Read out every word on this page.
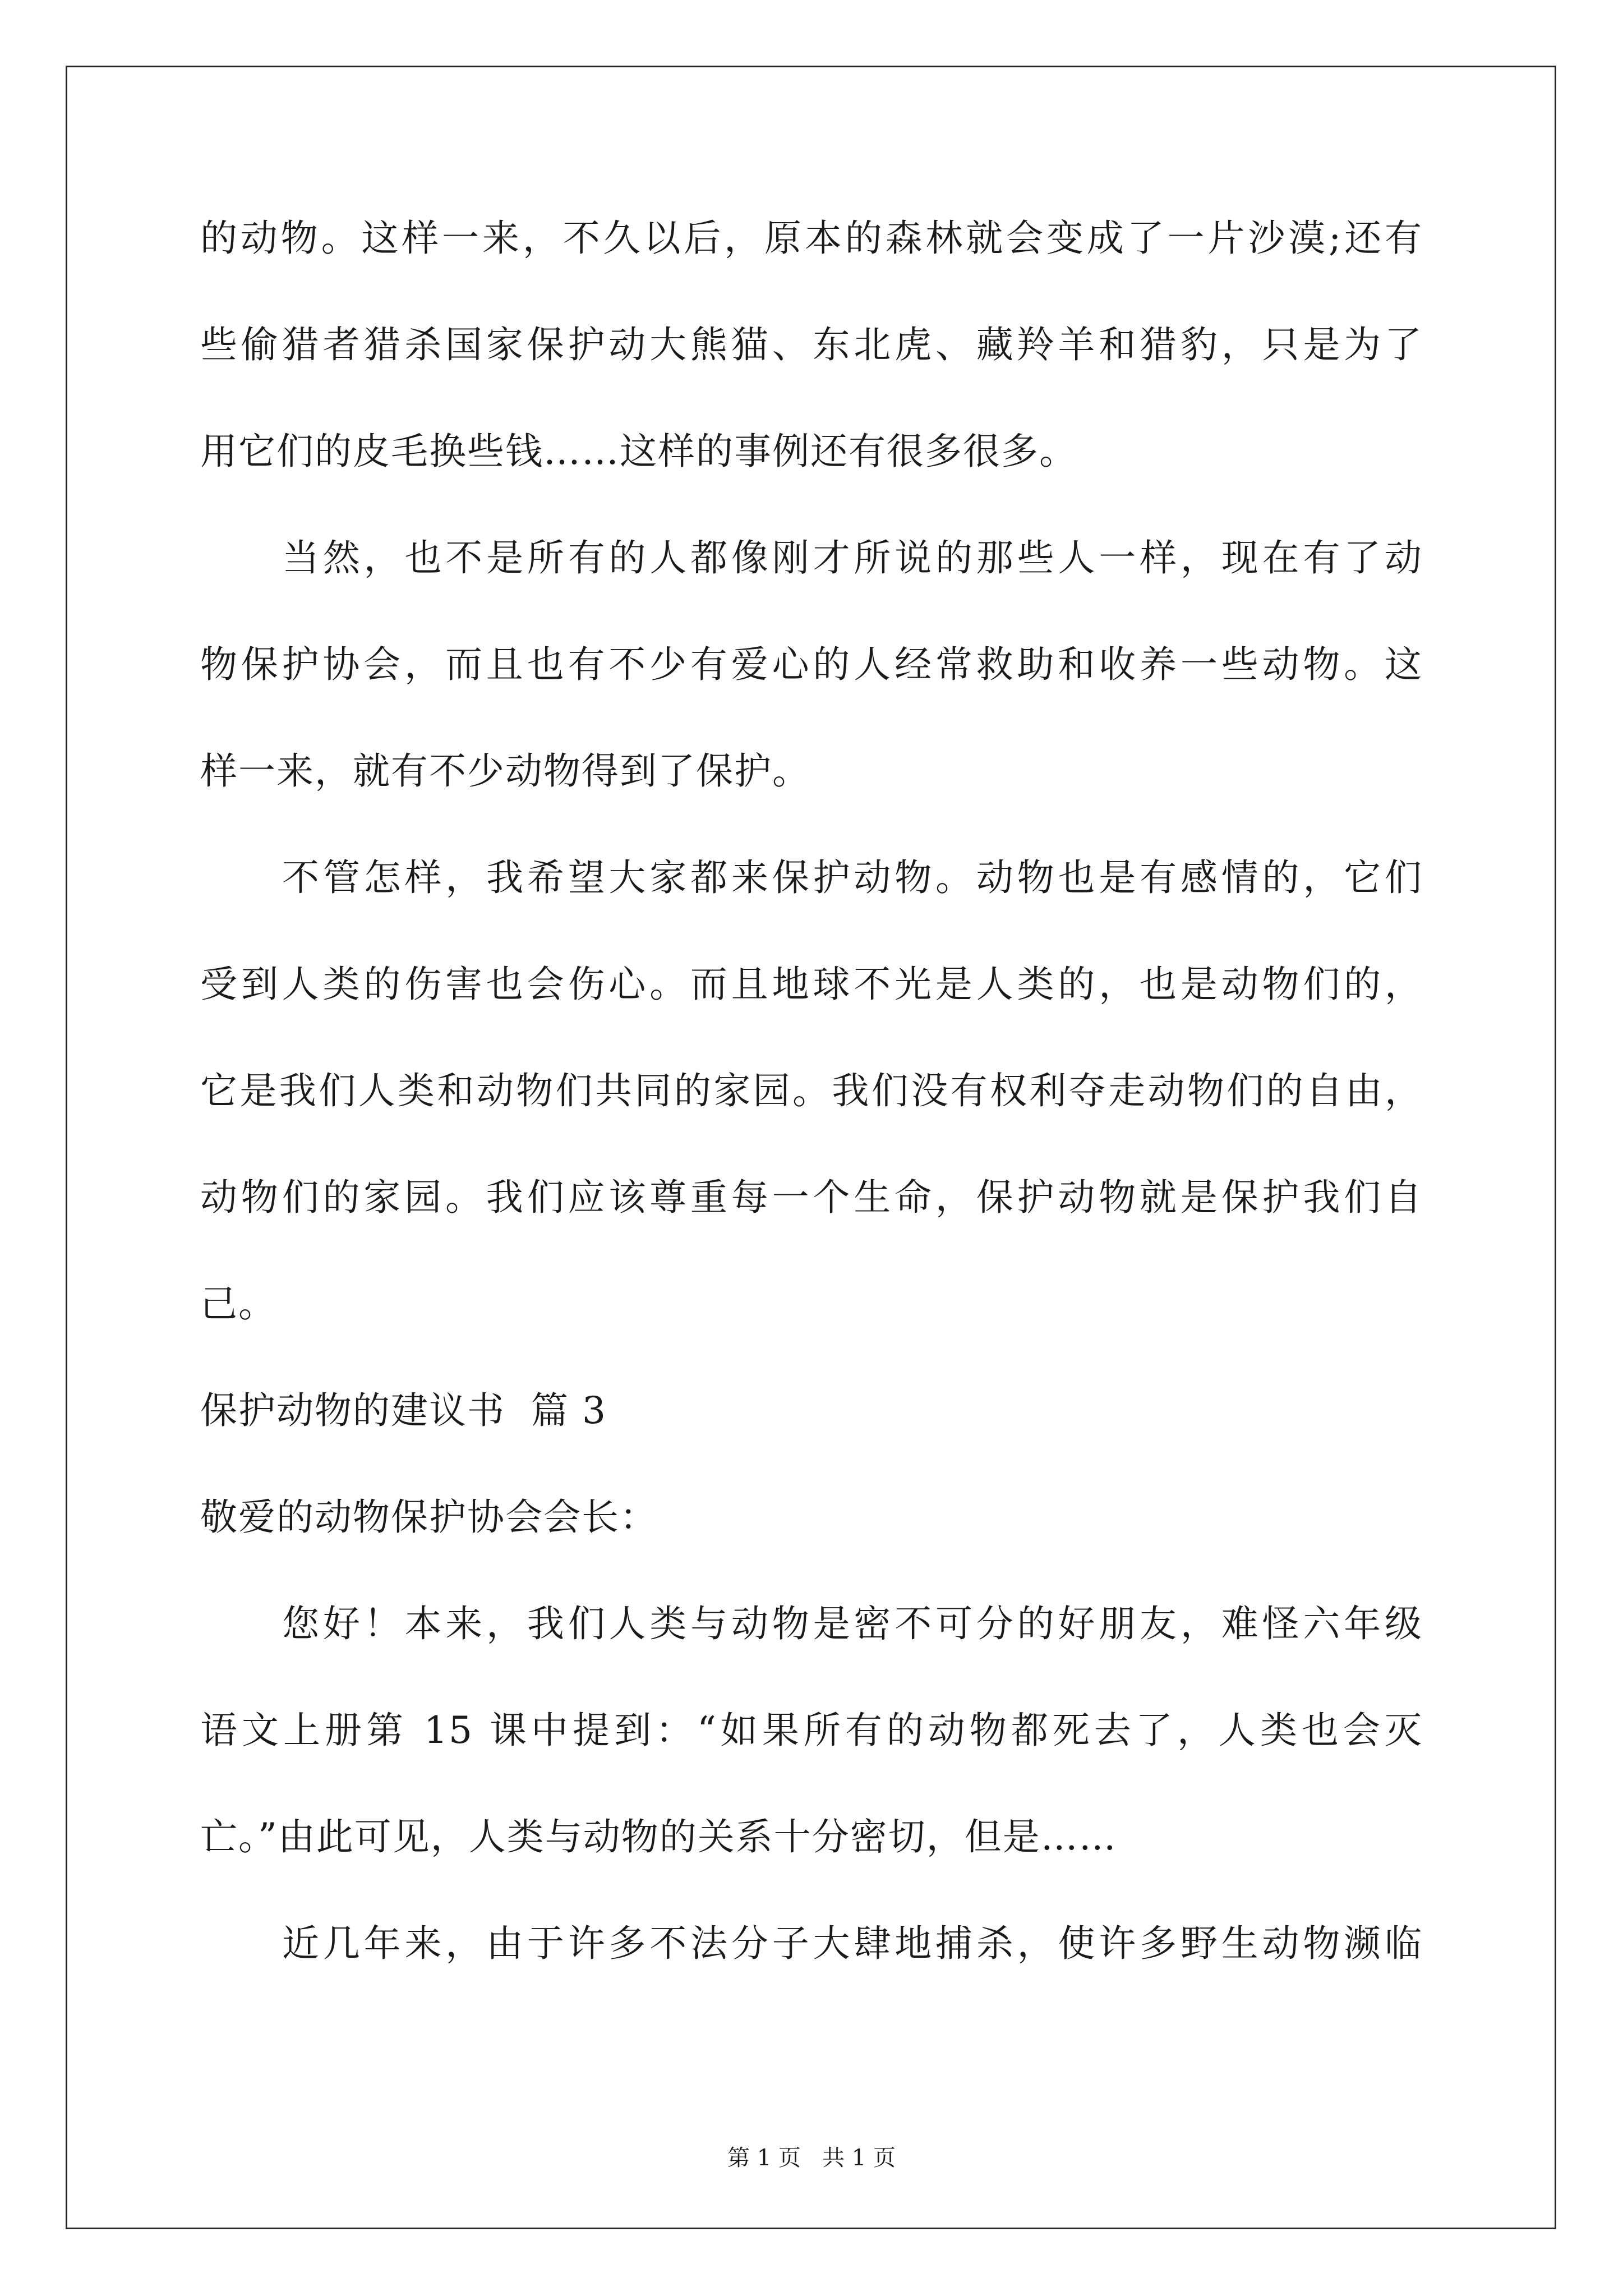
的动物。这样一来，不久以后，原本的森林就会变成了一片沙漠;还有
些偷猎者猎杀国家保护动大熊猫、东北虎、藏羚羊和猎豹，只是为了
用它们的皮毛换些钱……这样的事例还有很多很多。
当然，也不是所有的人都像刚才所说的那些人一样，现在有了动
物保护协会，而且也有不少有爱心的人经常救助和收养一些动物。这
样一来，就有不少动物得到了保护。
不管怎样，我希望大家都来保护动物。动物也是有感情的，它们
受到人类的伤害也会伤心。而且地球不光是人类的，也是动物们的，
它是我们人类和动物们共同的家园。我们没有权利夺走动物们的自由，
动物们的家园。我们应该尊重每一个生命，保护动物就是保护我们自
己。
保护动物的建议书  篇 3
敬爱的动物保护协会会长：
您好！本来，我们人类与动物是密不可分的好朋友，难怪六年级
语文上册第 15 课中提到：“如果所有的动物都死去了，人类也会灭
亡。”由此可见，人类与动物的关系十分密切，但是……
近几年来，由于许多不法分子大肆地捕杀，使许多野生动物濒临
第 1 页   共 1 页
